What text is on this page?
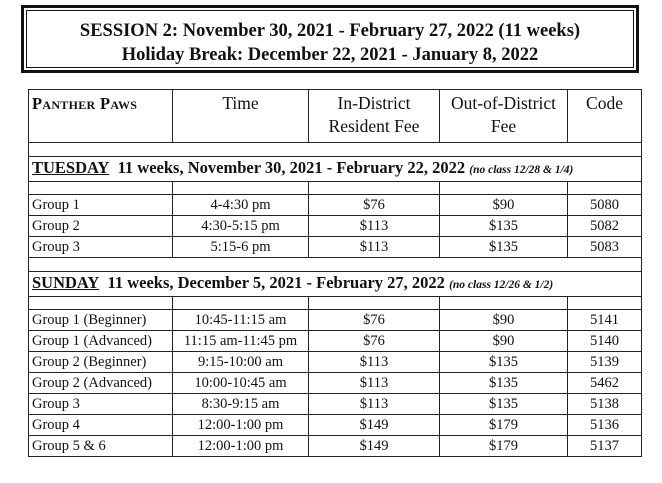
SESSION 2: November 30, 2021 - February 27, 2022 (11 weeks)
Holiday Break: December 22, 2021 - January 8, 2022
Panther Paws	Time	In-District Resident Fee	Out-of-District Fee	Code

TUESDAY 11 weeks, November 30, 2021 - February 22, 2022 (no class 12/28 & 1/4)				

Group 1	4-4:30 pm	$76	$90	5080
Group 2	4:30-5:15 pm	$113	$135	5082
Group 3	5:15-6 pm	$113	$135	5083

SUNDAY 11 weeks, December 5, 2021 - February 27, 2022 (no class 12/26 & 1/2)				

Group 1 (Beginner)	10:45-11:15 am	$76	$90	5141
Group 1 (Advanced)	11:15 am-11:45 pm	$76	$90	5140
Group 2 (Beginner)	9:15-10:00 am	$113	$135	5139
Group 2 (Advanced)	10:00-10:45 am	$113	$135	5462
Group 3	8:30-9:15 am	$113	$135	5138
Group 4	12:00-1:00 pm	$149	$179	5136
Group 5 & 6	12:00-1:00 pm	$149	$179	5137
